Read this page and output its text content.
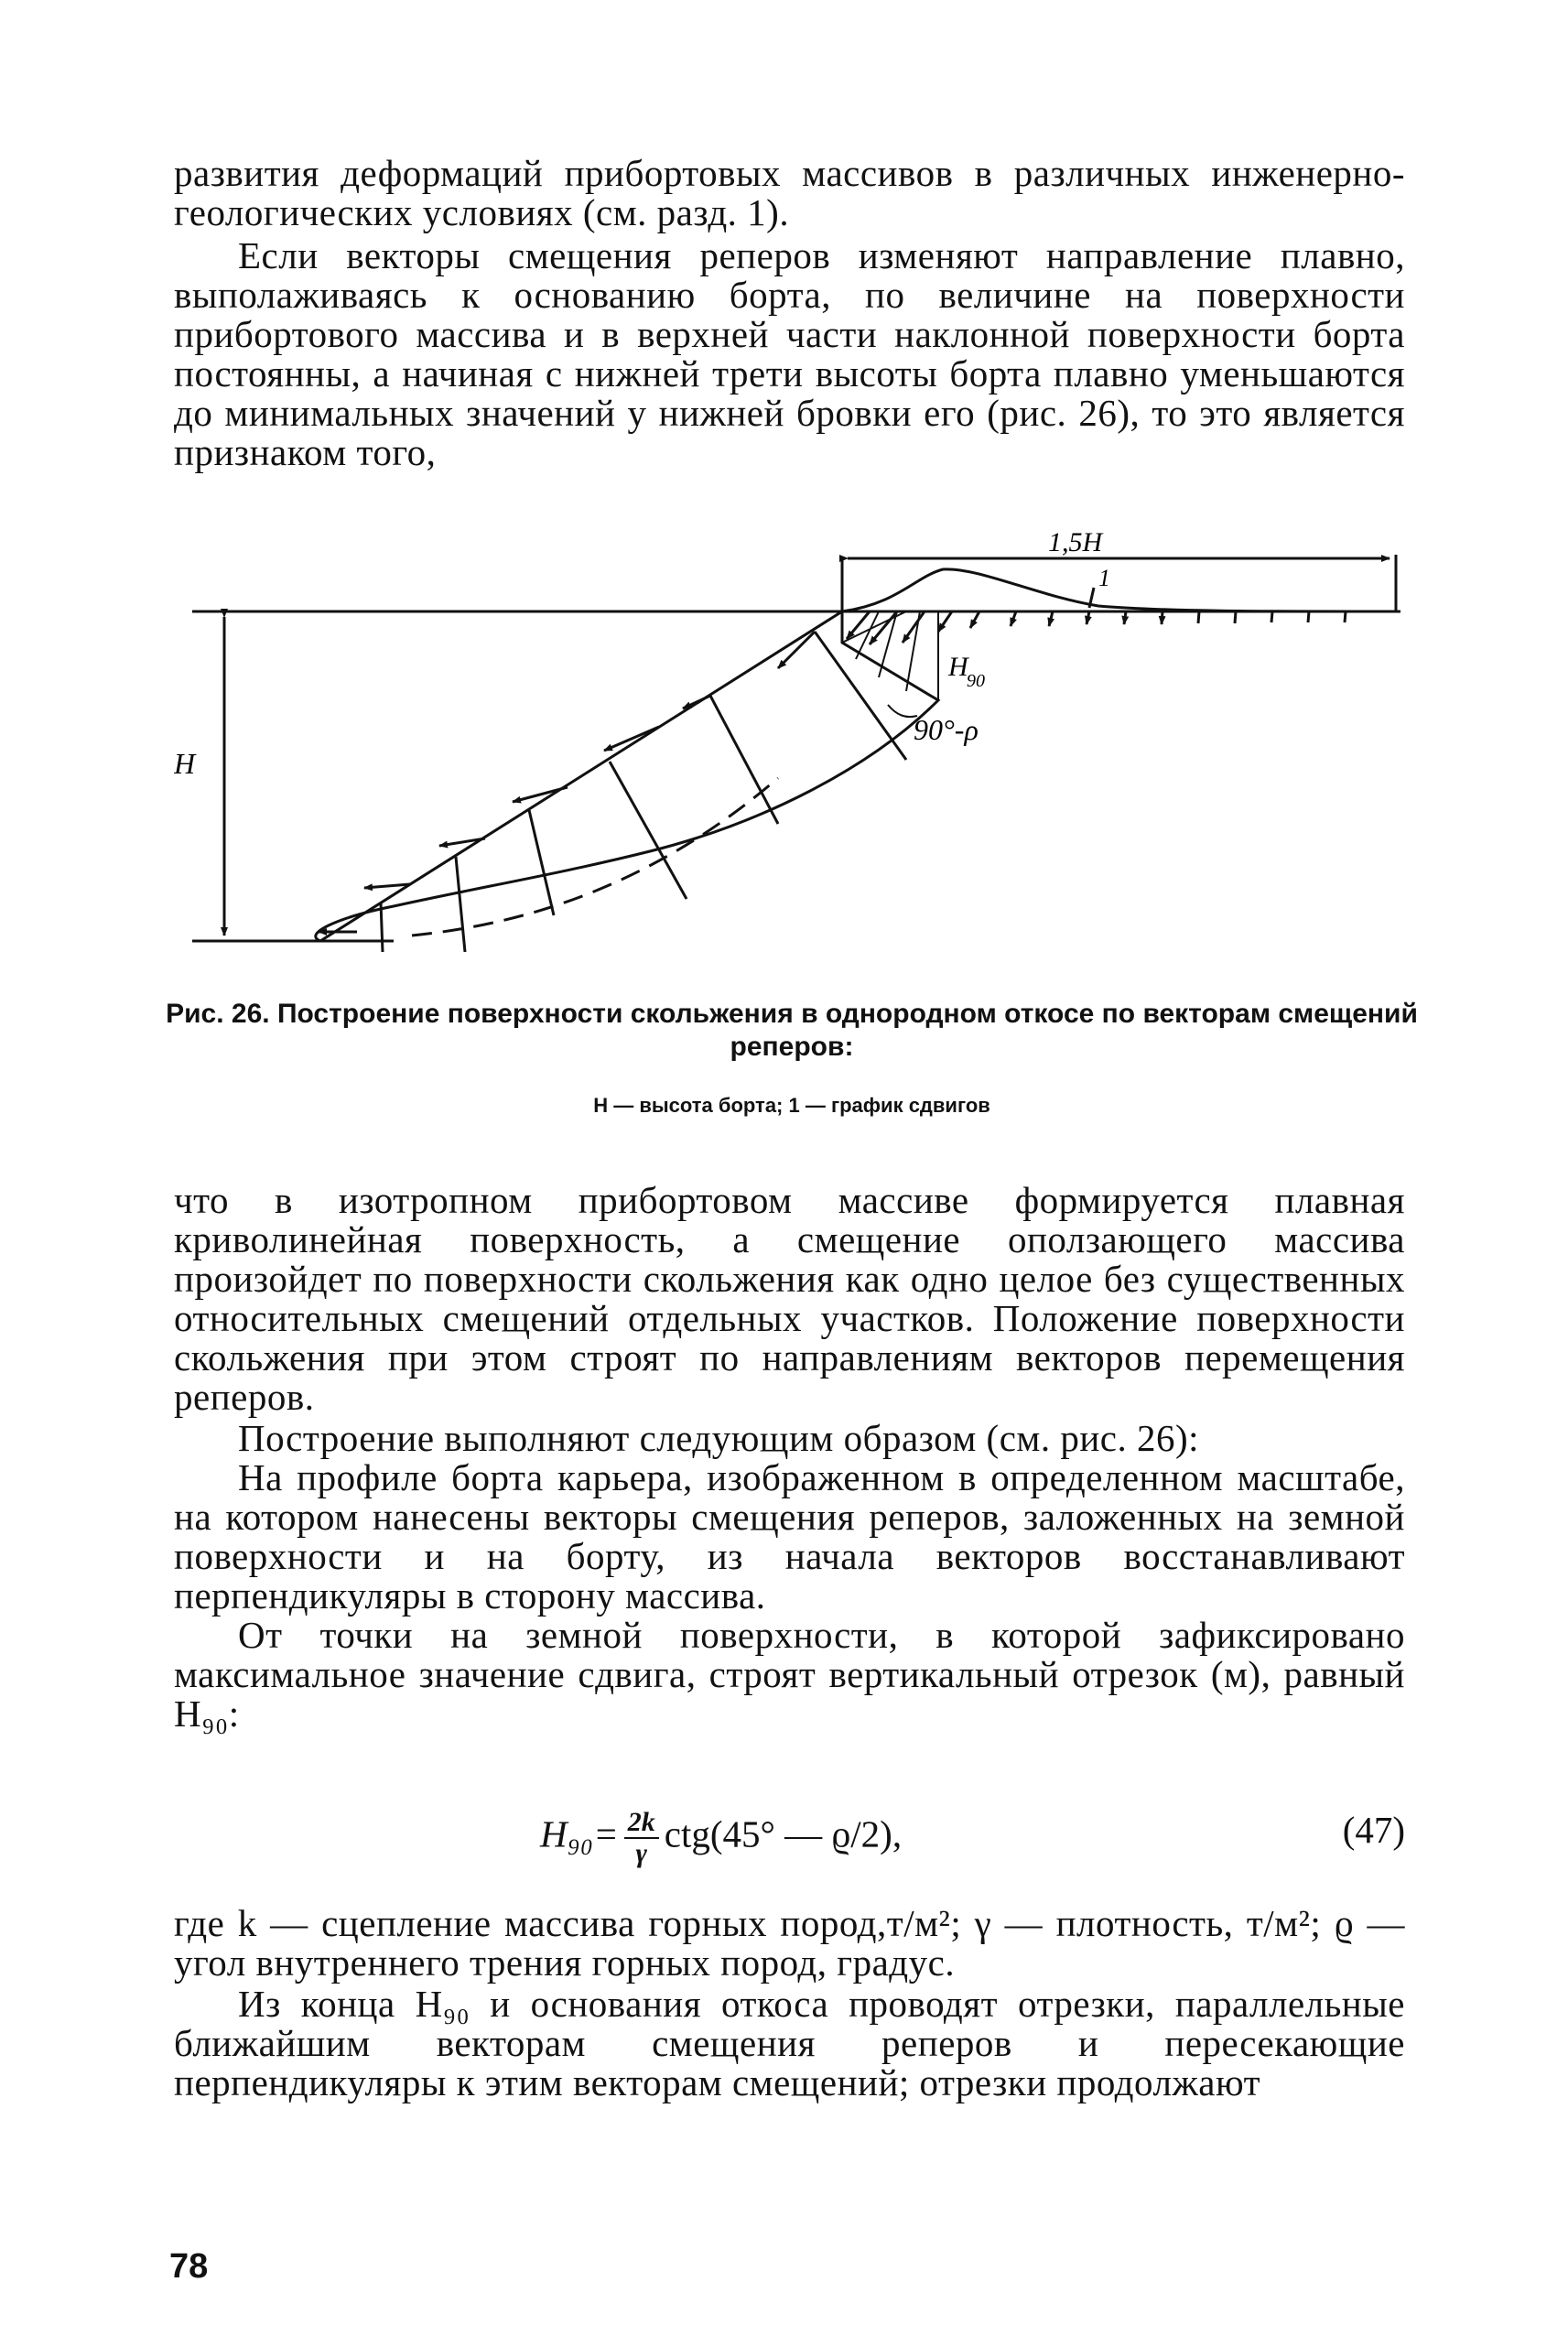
развития деформаций прибортовых массивов в различных инженерно-геологических условиях (см. разд. 1).

Если векторы смещения реперов изменяют направление плавно, выполаживаясь к основанию борта, по величине на поверхности прибортового массива и в верхней части наклонной поверхности борта постоянны, а начиная с нижней трети высоты борта плавно уменьшаются до минимальных значений у нижней бровки его (рис. 26), то это является признаком того,

1,5H
1
H
H
90
90°-ρ
Рис. 26. Построение поверхности скольжения в однородном откосе по векторам смещений реперов:
H — высота борта; 1 — график сдвигов

что в изотропном прибортовом массиве формируется плавная криволинейная поверхность, а смещение оползающего массива произойдет по поверхности скольжения как одно целое без существенных относительных смещений отдельных участков. Положение поверхности скольжения при этом строят по направлениям векторов перемещения реперов.

Построение выполняют следующим образом (см. рис. 26):

На профиле борта карьера, изображенном в определенном масштабе, на котором нанесены векторы смещения реперов, заложенных на земной поверхности и на борту, из начала векторов восстанавливают перпендикуляры в сторону массива.

От точки на земной поверхности, в которой зафиксировано максимальное значение сдвига, строят вертикальный отрезок (м), равный H₉₀:

$H_{90}= \frac{2k}{\gamma} ctg(45^\circ$ — ϱ/2),	(47)

где k — сцепление массива горных пород,т/м²; γ — плотность, т/м²; ϱ — угол внутреннего трения горных пород, градус.

Из конца H₉₀ и основания откоса проводят отрезки, параллельные ближайшим векторам смещения реперов и пересекающие перпендикуляры к этим векторам смещений; отрезки продолжают

78
